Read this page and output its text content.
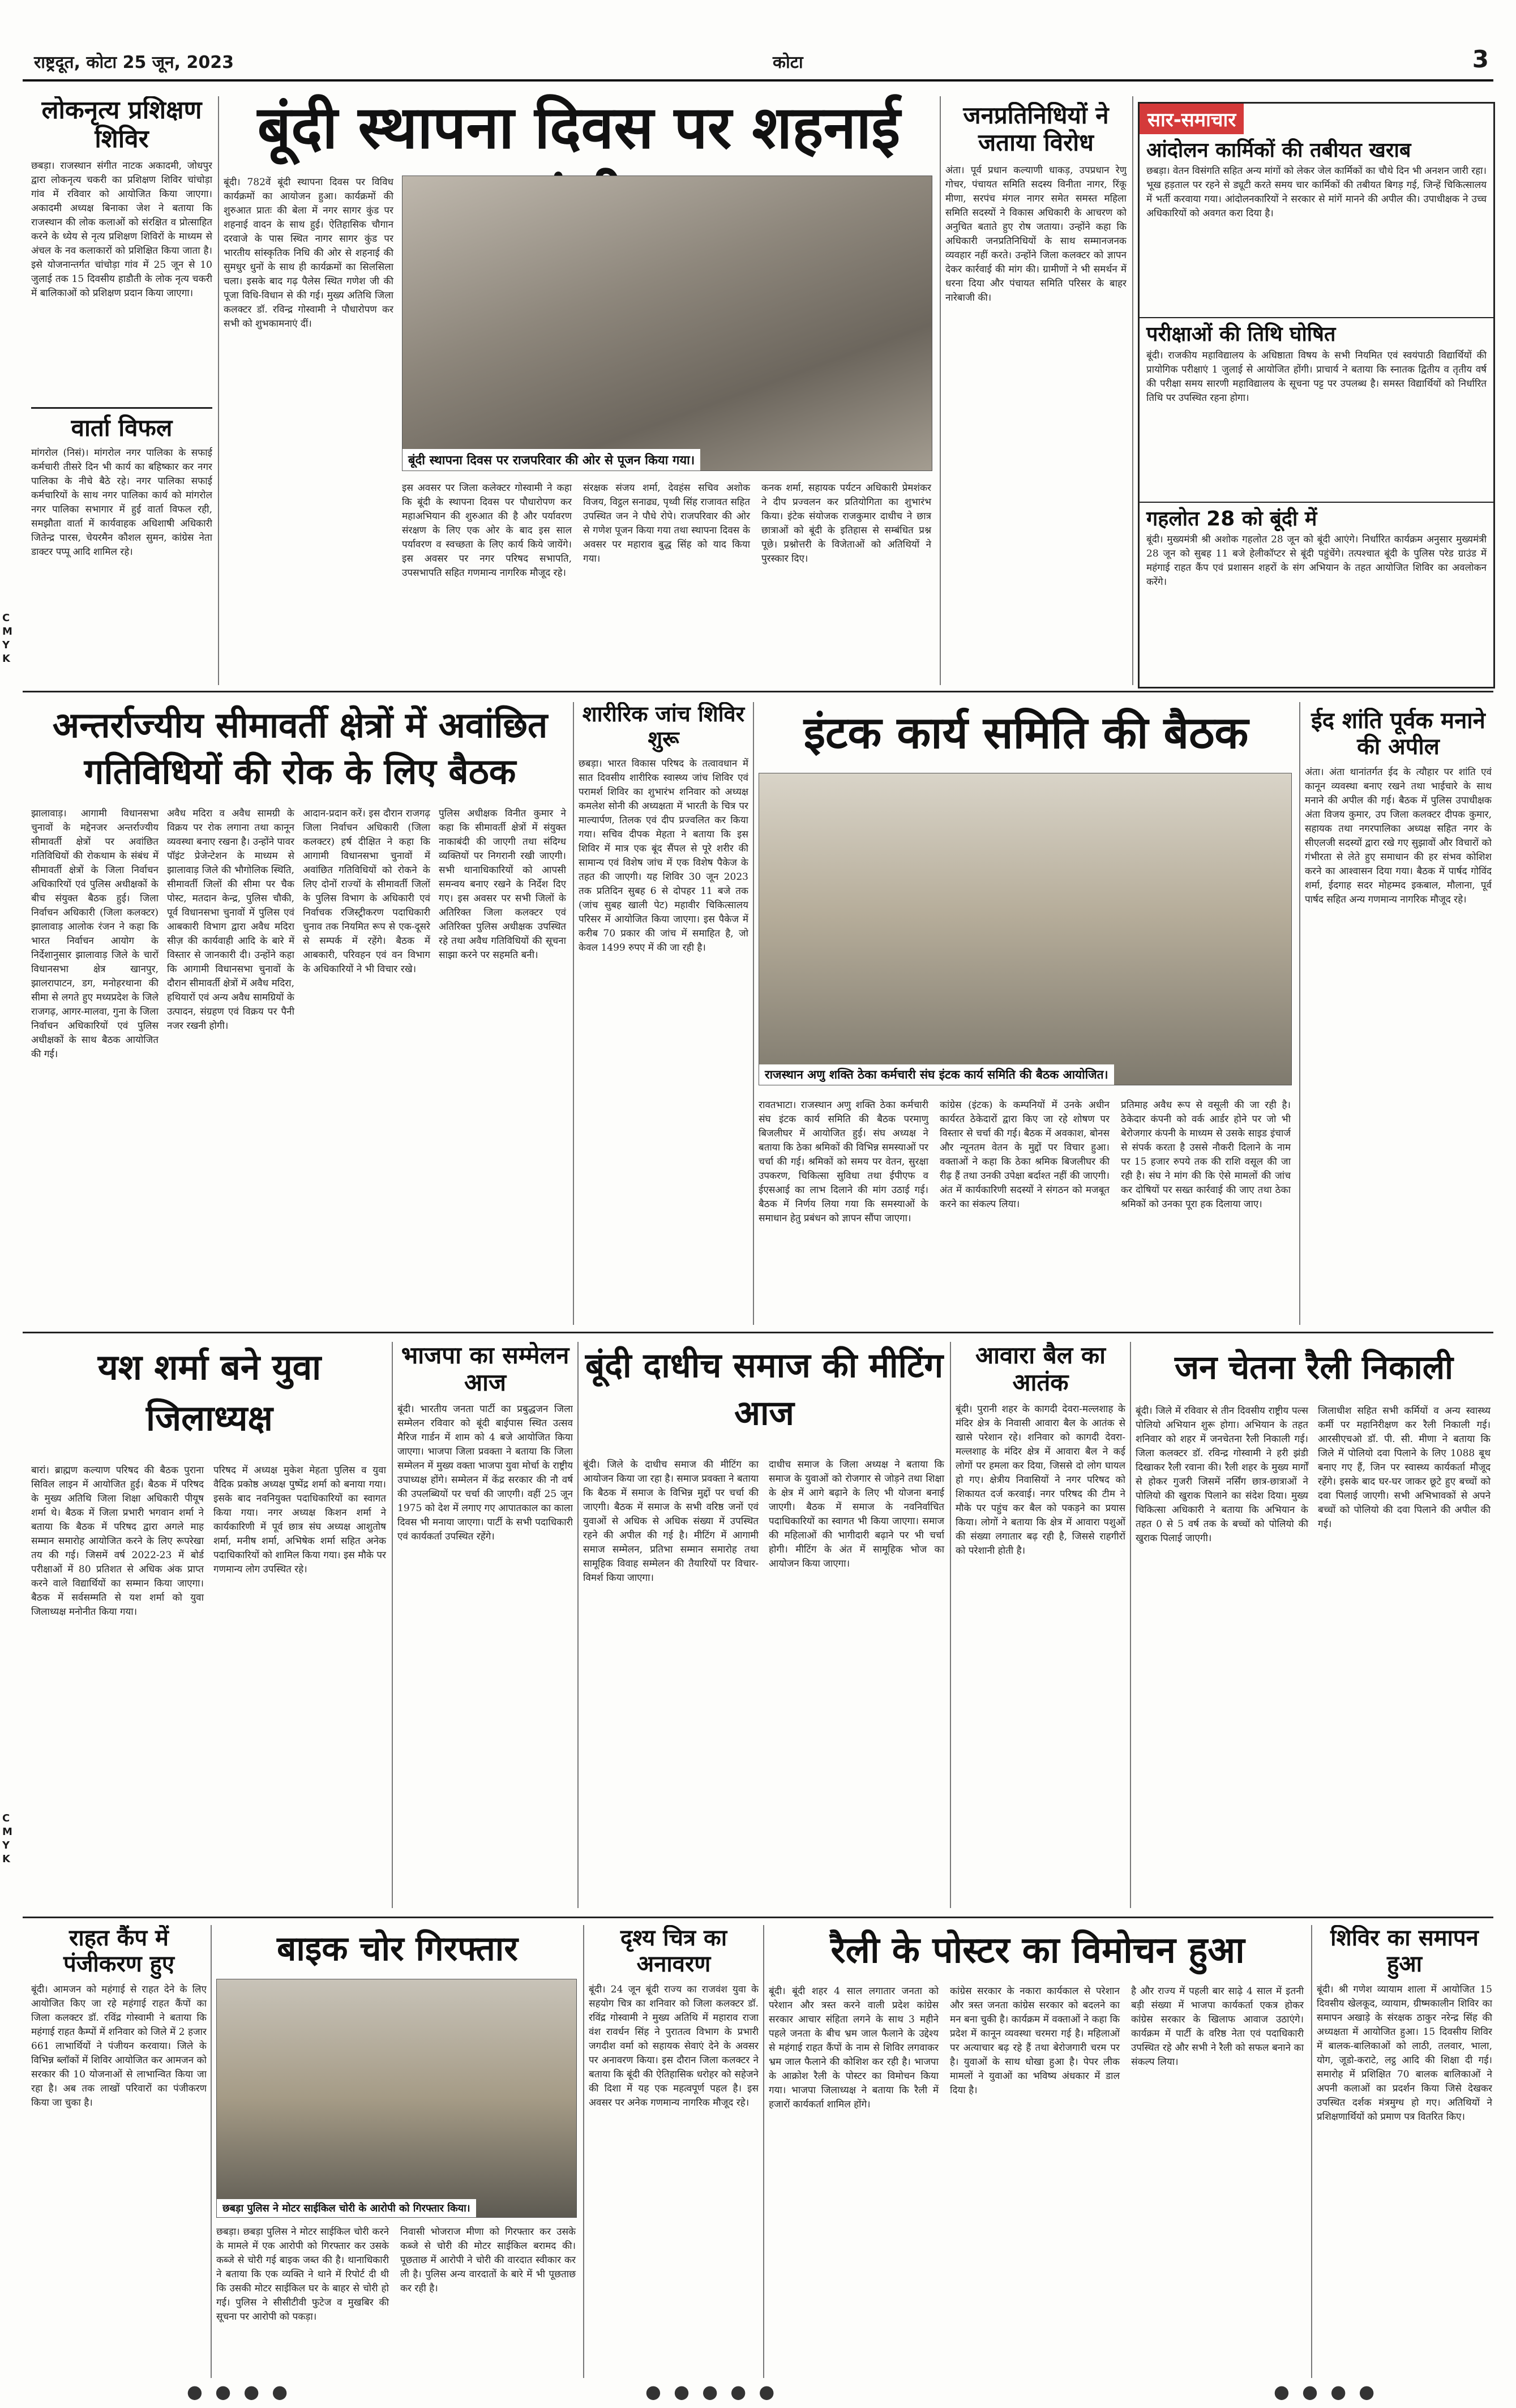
राष्ट्रदूत, कोटा 25 जून, 2023	कोटा	3
C
M
Y
K
C
M
Y
K
लोकनृत्य प्रशिक्षण शिविर
छबड़ा। राजस्थान संगीत नाटक अकादमी, जोधपुर द्वारा लोकनृत्य चकरी का प्रशिक्षण शिविर चांचोड़ा गांव में रविवार को आयोजित किया जाएगा। अकादमी अध्यक्ष बिनाका जेश ने बताया कि राजस्थान की लोक कलाओं को संरक्षित व प्रोत्साहित करने के ध्येय से नृत्य प्रशिक्षण शिविरों के माध्यम से अंचल के नव कलाकारों को प्रशिक्षित किया जाता है। इसे योजनान्तर्गत चांचोड़ा गांव में 25 जून से 10 जुलाई तक 15 दिवसीय हाडौती के लोक नृत्य चकरी में बालिकाओं को प्रशिक्षण प्रदान किया जाएगा।
वार्ता विफल
मांगरोल (निसं)। मांगरोल नगर पालिका के सफाई कर्मचारी तीसरे दिन भी कार्य का बहिष्कार कर नगर पालिका के नीचे बैठे रहे। नगर पालिका सफाई कर्मचारियों के साथ नगर पालिका कार्य को मांगरोल नगर पालिका सभागार में हुई वार्ता विफल रही, समझौता वार्ता में कार्यवाहक अधिशाषी अधिकारी जितेन्द्र पारस, चेयरमैन कौशल सुमन, कांग्रेस नेता डाक्टर पप्पू आदि शामिल रहे।
बूंदी स्थापना दिवस पर शहनाई
बूंदी। 782वें बूंदी स्थापना दिवस पर विविध कार्यक्रमों का आयोजन हुआ। कार्यक्रमों की शुरुआत प्रातः की बेला में नगर सागर कुंड पर शहनाई वादन के साथ हुई। ऐतिहासिक चौगान दरवाजे के पास स्थित नागर सागर कुंड पर भारतीय सांस्कृतिक निधि की ओर से शहनाई की सुमधुर धुनों के साथ ही कार्यक्रमों का सिलसिला चला। इसके बाद गढ़ पैलेस स्थित गणेश जी की पूजा विधि-विधान से की गई। मुख्य अतिथि जिला कलक्टर डॉ. रविन्द्र गोस्वामी ने पौधारोपण कर सभी को शुभकामनाएं दीं।
बूंदी स्थापना दिवस पर राजपरिवार की ओर से पूजन किया गया।
इस अवसर पर जिला कलेक्टर गोस्वामी ने कहा कि बूंदी के स्थापना दिवस पर पौधारोपण कर महाअभियान की शुरुआत की है और पर्यावरण संरक्षण के लिए एक ओर के बाद इस साल पर्यावरण व स्वच्छता के लिए कार्य किये जायेंगे। इस अवसर पर नगर परिषद सभापति, उपसभापति सहित गणमान्य नागरिक मौजूद रहे।
संरक्षक संजय शर्मा, देवहंस सचिव अशोक विजय, विट्ठल सनाढ्य, पृथ्वी सिंह राजावत सहित उपस्थित जन ने पौधे रोपे। राजपरिवार की ओर से गणेश पूजन किया गया तथा स्थापना दिवस के अवसर पर महाराव बुद्ध सिंह को याद किया गया।
कनक शर्मा, सहायक पर्यटन अधिकारी प्रेमशंकर ने दीप प्रज्वलन कर प्रतियोगिता का शुभारंभ किया। इंटेक संयोजक राजकुमार दाधीच ने छात्र छात्राओं को बूंदी के इतिहास से सम्बंधित प्रश्न पूछे। प्रश्नोत्तरी के विजेताओं को अतिथियों ने पुरस्कार दिए।
जनप्रतिनिधियों ने जताया विरोध
अंता। पूर्व प्रधान कल्याणी धाकड़, उपप्रधान रेणु गोचर, पंचायत समिति सदस्य विनीता नागर, रिंकू मीणा, सरपंच मंगल नागर समेत समस्त महिला समिति सदस्यों ने विकास अधिकारी के आचरण को अनुचित बताते हुए रोष जताया। उन्होंने कहा कि अधिकारी जनप्रतिनिधियों के साथ सम्मानजनक व्यवहार नहीं करते। उन्होंने जिला कलक्टर को ज्ञापन देकर कार्रवाई की मांग की। ग्रामीणों ने भी समर्थन में धरना दिया और पंचायत समिति परिसर के बाहर नारेबाजी की।
सार-समाचार
आंदोलन कार्मिकों की तबीयत खराब
छबड़ा। वेतन विसंगति सहित अन्य मांगों को लेकर जेल कार्मिकों का चौथे दिन भी अनशन जारी रहा। भूख हड़ताल पर रहने से ड्यूटी करते समय चार कार्मिकों की तबीयत बिगड़ गई, जिन्हें चिकित्सालय में भर्ती करवाया गया। आंदोलनकारियों ने सरकार से मांगें मानने की अपील की। उपाधीक्षक ने उच्च अधिकारियों को अवगत करा दिया है।
परीक्षाओं की तिथि घोषित
बूंदी। राजकीय महाविद्यालय के अधिष्ठाता विषय के सभी नियमित एवं स्वयंपाठी विद्यार्थियों की प्रायोगिक परीक्षाएं 1 जुलाई से आयोजित होंगी। प्राचार्य ने बताया कि स्नातक द्वितीय व तृतीय वर्ष की परीक्षा समय सारणी महाविद्यालय के सूचना पट्ट पर उपलब्ध है। समस्त विद्यार्थियों को निर्धारित तिथि पर उपस्थित रहना होगा।
गहलोत 28 को बूंदी में
बूंदी। मुख्यमंत्री श्री अशोक गहलोत 28 जून को बूंदी आएंगे। निर्धारित कार्यक्रम अनुसार मुख्यमंत्री 28 जून को सुबह 11 बजे हेलीकॉप्टर से बूंदी पहुंचेंगे। तत्पश्चात बूंदी के पुलिस परेड ग्राउंड में महंगाई राहत कैंप एवं प्रशासन शहरों के संग अभियान के तहत आयोजित शिविर का अवलोकन करेंगे।
अन्तर्राज्यीय सीमावर्ती क्षेत्रों में अवांछित गतिविधियों की रोक के लिए बैठक
झालावाड़। आगामी विधानसभा चुनावों के मद्देनजर अन्तर्राज्यीय सीमावर्ती क्षेत्रों पर अवांछित गतिविधियों की रोकथाम के संबंध में सीमावर्ती क्षेत्रों के जिला निर्वाचन अधिकारियों एवं पुलिस अधीक्षकों के बीच संयुक्त बैठक हुई। जिला निर्वाचन अधिकारी (जिला कलक्टर) झालावाड़ आलोक रंजन ने कहा कि भारत निर्वाचन आयोग के निर्देशानुसार झालावाड़ जिले के चारों विधानसभा क्षेत्र खानपुर, झालरापाटन, डग, मनोहरथाना की सीमा से लगते हुए मध्यप्रदेश के जिले राजगढ़, आगर-मालवा, गुना के जिला निर्वाचन अधिकारियों एवं पुलिस अधीक्षकों के साथ बैठक आयोजित की गई।
अवैध मदिरा व अवैध सामग्री के विक्रय पर रोक लगाना तथा कानून व्यवस्था बनाए रखना है। उन्होंने पावर पॉइंट प्रेजेन्टेशन के माध्यम से झालावाड़ जिले की भौगोलिक स्थिति, सीमावर्ती जिलों की सीमा पर चैक पोस्ट, मतदान केन्द्र, पुलिस चौकी, पूर्व विधानसभा चुनावों में पुलिस एवं आबकारी विभाग द्वारा अवैध मदिरा सीज़ की कार्यवाही आदि के बारे में विस्तार से जानकारी दी। उन्होंने कहा कि आगामी विधानसभा चुनावों के दौरान सीमावर्ती क्षेत्रों में अवैध मदिरा, हथियारों एवं अन्य अवैध सामग्रियों के उत्पादन, संग्रहण एवं विक्रय पर पैनी नजर रखनी होगी।
आदान-प्रदान करें। इस दौरान राजगढ़ जिला निर्वाचन अधिकारी (जिला कलक्टर) हर्ष दीक्षित ने कहा कि आगामी विधानसभा चुनावों में अवांछित गतिविधियों को रोकने के लिए दोनों राज्यों के सीमावर्ती जिलों के पुलिस विभाग के अधिकारी एवं निर्वाचक रजिस्ट्रीकरण पदाधिकारी चुनाव तक नियमित रूप से एक-दूसरे से सम्पर्क में रहेंगे। बैठक में आबकारी, परिवहन एवं वन विभाग के अधिकारियों ने भी विचार रखे।
पुलिस अधीक्षक विनीत कुमार ने कहा कि सीमावर्ती क्षेत्रों में संयुक्त नाकाबंदी की जाएगी तथा संदिग्ध व्यक्तियों पर निगरानी रखी जाएगी। सभी थानाधिकारियों को आपसी समन्वय बनाए रखने के निर्देश दिए गए। इस अवसर पर सभी जिलों के अतिरिक्त जिला कलक्टर एवं अतिरिक्त पुलिस अधीक्षक उपस्थित रहे तथा अवैध गतिविधियों की सूचना साझा करने पर सहमति बनी।
शारीरिक जांच शिविर शुरू
छबड़ा। भारत विकास परिषद के तत्वावधान में सात दिवसीय शारीरिक स्वास्थ्य जांच शिविर एवं परामर्श शिविर का शुभारंभ शनिवार को अध्यक्ष कमलेश सोनी की अध्यक्षता में भारती के चित्र पर माल्यार्पण, तिलक एवं दीप प्रज्वलित कर किया गया। सचिव दीपक मेहता ने बताया कि इस शिविर में मात्र एक बूंद सैंपल से पूरे शरीर की सामान्य एवं विशेष जांच में एक विशेष पैकेज के तहत की जाएगी। यह शिविर 30 जून 2023 तक प्रतिदिन सुबह 6 से दोपहर 11 बजे तक (जांच सुबह खाली पेट) महावीर चिकित्सालय परिसर में आयोजित किया जाएगा। इस पैकेज में करीब 70 प्रकार की जांच में समाहित है, जो केवल 1499 रुपए में की जा रही है।
इंटक कार्य समिति की बैठक
राजस्थान अणु शक्ति ठेका कर्मचारी संघ इंटक कार्य समिति की बैठक आयोजित।
रावतभाटा। राजस्थान अणु शक्ति ठेका कर्मचारी संघ इंटक कार्य समिति की बैठक परमाणु बिजलीघर में आयोजित हुई। संघ अध्यक्ष ने बताया कि ठेका श्रमिकों की विभिन्न समस्याओं पर चर्चा की गई। श्रमिकों को समय पर वेतन, सुरक्षा उपकरण, चिकित्सा सुविधा तथा ईपीएफ व ईएसआई का लाभ दिलाने की मांग उठाई गई। बैठक में निर्णय लिया गया कि समस्याओं के समाधान हेतु प्रबंधन को ज्ञापन सौंपा जाएगा।
कांग्रेस (इंटक) के कम्पनियों में उनके अधीन कार्यरत ठेकेदारों द्वारा किए जा रहे शोषण पर विस्तार से चर्चा की गई। बैठक में अवकाश, बोनस और न्यूनतम वेतन के मुद्दों पर विचार हुआ। वक्ताओं ने कहा कि ठेका श्रमिक बिजलीघर की रीढ़ हैं तथा उनकी उपेक्षा बर्दाश्त नहीं की जाएगी। अंत में कार्यकारिणी सदस्यों ने संगठन को मजबूत करने का संकल्प लिया।
प्रतिमाह अवैध रूप से वसूली की जा रही है। ठेकेदार कंपनी को वर्क आर्डर होने पर जो भी बेरोजगार कंपनी के माध्यम से उसके साइड इंचार्ज से संपर्क करता है उससे नौकरी दिलाने के नाम पर 15 हजार रुपये तक की राशि वसूल की जा रही है। संघ ने मांग की कि ऐसे मामलों की जांच कर दोषियों पर सख्त कार्रवाई की जाए तथा ठेका श्रमिकों को उनका पूरा हक दिलाया जाए।
ईद शांति पूर्वक मनाने की अपील
अंता। अंता थानांतर्गत ईद के त्यौहार पर शांति एवं कानून व्यवस्था बनाए रखने तथा भाईचारे के साथ मनाने की अपील की गई। बैठक में पुलिस उपाधीक्षक अंता विजय कुमार, उप जिला कलक्टर दीपक कुमार, सहायक तथा नगरपालिका अध्यक्ष सहित नगर के सीएलजी सदस्यों द्वारा रखे गए सुझावों और विचारों को गंभीरता से लेते हुए समाधान की हर संभव कोशिश करने का आश्वासन दिया गया। बैठक में पार्षद गोविंद शर्मा, ईदगाह सदर मोहम्मद इकबाल, मौलाना, पूर्व पार्षद सहित अन्य गणमान्य नागरिक मौजूद रहे।
यश शर्मा बने युवा जिलाध्यक्ष
बारां। ब्राह्मण कल्याण परिषद की बैठक पुराना सिविल लाइन में आयोजित हुई। बैठक में परिषद के मुख्य अतिथि जिला शिक्षा अधिकारी पीयूष शर्मा थे। बैठक में जिला प्रभारी भगवान शर्मा ने बताया कि बैठक में परिषद द्वारा अगले माह सम्मान समारोह आयोजित करने के लिए रूपरेखा तय की गई। जिसमें वर्ष 2022-23 में बोर्ड परीक्षाओं में 80 प्रतिशत से अधिक अंक प्राप्त करने वाले विद्यार्थियों का सम्मान किया जाएगा। बैठक में सर्वसम्मति से यश शर्मा को युवा जिलाध्यक्ष मनोनीत किया गया।
परिषद में अध्यक्ष मुकेश मेहता पुलिस व युवा वैदिक प्रकोष्ठ अध्यक्ष पुष्पेंद्र शर्मा को बनाया गया। इसके बाद नवनियुक्त पदाधिकारियों का स्वागत किया गया। नगर अध्यक्ष किशन शर्मा ने कार्यकारिणी में पूर्व छात्र संघ अध्यक्ष आशुतोष शर्मा, मनीष शर्मा, अभिषेक शर्मा सहित अनेक पदाधिकारियों को शामिल किया गया। इस मौके पर गणमान्य लोग उपस्थित रहे।
भाजपा का सम्मेलन आज
बूंदी। भारतीय जनता पार्टी का प्रबुद्धजन जिला सम्मेलन रविवार को बूंदी बाईपास स्थित उत्सव मैरिज गार्डन में शाम को 4 बजे आयोजित किया जाएगा। भाजपा जिला प्रवक्ता ने बताया कि जिला सम्मेलन में मुख्य वक्ता भाजपा युवा मोर्चा के राष्ट्रीय उपाध्यक्ष होंगे। सम्मेलन में केंद्र सरकार की नौ वर्ष की उपलब्धियों पर चर्चा की जाएगी। वहीं 25 जून 1975 को देश में लगाए गए आपातकाल का काला दिवस भी मनाया जाएगा। पार्टी के सभी पदाधिकारी एवं कार्यकर्ता उपस्थित रहेंगे।
बूंदी दाधीच समाज की मीटिंग आज
बूंदी। जिले के दाधीच समाज की मीटिंग का आयोजन किया जा रहा है। समाज प्रवक्ता ने बताया कि बैठक में समाज के विभिन्न मुद्दों पर चर्चा की जाएगी। बैठक में समाज के सभी वरिष्ठ जनों एवं युवाओं से अधिक से अधिक संख्या में उपस्थित रहने की अपील की गई है। मीटिंग में आगामी समाज सम्मेलन, प्रतिभा सम्मान समारोह तथा सामूहिक विवाह सम्मेलन की तैयारियों पर विचार-विमर्श किया जाएगा।
दाधीच समाज के जिला अध्यक्ष ने बताया कि समाज के युवाओं को रोजगार से जोड़ने तथा शिक्षा के क्षेत्र में आगे बढ़ाने के लिए भी योजना बनाई जाएगी। बैठक में समाज के नवनिर्वाचित पदाधिकारियों का स्वागत भी किया जाएगा। समाज की महिलाओं की भागीदारी बढ़ाने पर भी चर्चा होगी। मीटिंग के अंत में सामूहिक भोज का आयोजन किया जाएगा।
आवारा बैल का आतंक
बूंदी। पुरानी शहर के कागदी देवरा-मल्लशाह के मंदिर क्षेत्र के निवासी आवारा बैल के आतंक से खासे परेशान रहे। शनिवार को कागदी देवरा-मल्लशाह के मंदिर क्षेत्र में आवारा बैल ने कई लोगों पर हमला कर दिया, जिससे दो लोग घायल हो गए। क्षेत्रीय निवासियों ने नगर परिषद को शिकायत दर्ज करवाई। नगर परिषद की टीम ने मौके पर पहुंच कर बैल को पकड़ने का प्रयास किया। लोगों ने बताया कि क्षेत्र में आवारा पशुओं की संख्या लगातार बढ़ रही है, जिससे राहगीरों को परेशानी होती है।
जन चेतना रैली निकाली
बूंदी। जिले में रविवार से तीन दिवसीय राष्ट्रीय पल्स पोलियो अभियान शुरू होगा। अभियान के तहत शनिवार को शहर में जनचेतना रैली निकाली गई। जिला कलक्टर डॉ. रविन्द्र गोस्वामी ने हरी झंडी दिखाकर रैली रवाना की। रैली शहर के मुख्य मार्गों से होकर गुजरी जिसमें नर्सिंग छात्र-छात्राओं ने पोलियो की खुराक पिलाने का संदेश दिया। मुख्य चिकित्सा अधिकारी ने बताया कि अभियान के तहत 0 से 5 वर्ष तक के बच्चों को पोलियो की खुराक पिलाई जाएगी।
जिलाधीश सहित सभी कर्मियों व अन्य स्वास्थ्य कर्मी पर महानिरीक्षण कर रैली निकाली गई। आरसीएचओ डॉ. पी. सी. मीणा ने बताया कि जिले में पोलियो दवा पिलाने के लिए 1088 बूथ बनाए गए हैं, जिन पर स्वास्थ्य कार्यकर्ता मौजूद रहेंगे। इसके बाद घर-घर जाकर छूटे हुए बच्चों को दवा पिलाई जाएगी। सभी अभिभावकों से अपने बच्चों को पोलियो की दवा पिलाने की अपील की गई।
राहत कैंप में पंजीकरण हुए
बूंदी। आमजन को महंगाई से राहत देने के लिए आयोजित किए जा रहे महंगाई राहत कैंपों का जिला कलक्टर डॉ. रविंद्र गोस्वामी ने बताया कि महंगाई राहत कैम्पों में शनिवार को जिले में 2 हजार 661 लाभार्थियों ने पंजीयन करवाया। जिले के विभिन्न ब्लॉकों में शिविर आयोजित कर आमजन को सरकार की 10 योजनाओं से लाभान्वित किया जा रहा है। अब तक लाखों परिवारों का पंजीकरण किया जा चुका है।
बाइक चोर गिरफ्तार
छबड़ा पुलिस ने मोटर साईकिल चोरी के आरोपी को गिरफ्तार किया।
छबड़ा। छबड़ा पुलिस ने मोटर साईकिल चोरी करने के मामले में एक आरोपी को गिरफ्तार कर उसके कब्जे से चोरी गई बाइक जब्त की है। थानाधिकारी ने बताया कि एक व्यक्ति ने थाने में रिपोर्ट दी थी कि उसकी मोटर साईकिल घर के बाहर से चोरी हो गई। पुलिस ने सीसीटीवी फुटेज व मुखबिर की सूचना पर आरोपी को पकड़ा।
निवासी भोजराज मीणा को गिरफ्तार कर उसके कब्जे से चोरी की मोटर साईकिल बरामद की। पूछताछ में आरोपी ने चोरी की वारदात स्वीकार कर ली है। पुलिस अन्य वारदातों के बारे में भी पूछताछ कर रही है।
दृश्य चित्र का अनावरण
बूंदी। 24 जून बूंदी राज्य का राजवंश युवा के सहयोग चित्र का शनिवार को जिला कलक्टर डॉ. रविंद्र गोस्वामी ने मुख्य अतिथि में महाराव राजा वंश रावर्धन सिंह ने पुरातत्व विभाग के प्रभारी जगदीश वर्मा को सहायक सेवाएं देने के अवसर पर अनावरण किया। इस दौरान जिला कलक्टर ने बताया कि बूंदी की ऐतिहासिक धरोहर को सहेजने की दिशा में यह एक महत्वपूर्ण पहल है। इस अवसर पर अनेक गणमान्य नागरिक मौजूद रहे।
रैली के पोस्टर का विमोचन हुआ
बूंदी। बूंदी शहर 4 साल लगातार जनता को परेशान और त्रस्त करने वाली प्रदेश कांग्रेस सरकार आचार संहिता लगने के साथ 3 महीने पहले जनता के बीच भ्रम जाल फैलाने के उद्देश्य से महंगाई राहत कैंपों के नाम से शिविर लगवाकर भ्रम जाल फैलाने की कोशिश कर रही है। भाजपा के आक्रोश रैली के पोस्टर का विमोचन किया गया। भाजपा जिलाध्यक्ष ने बताया कि रैली में हजारों कार्यकर्ता शामिल होंगे।
कांग्रेस सरकार के नकारा कार्यकाल से परेशान और त्रस्त जनता कांग्रेस सरकार को बदलने का मन बना चुकी है। कार्यक्रम में वक्ताओं ने कहा कि प्रदेश में कानून व्यवस्था चरमरा गई है। महिलाओं पर अत्याचार बढ़ रहे हैं तथा बेरोजगारी चरम पर है। युवाओं के साथ धोखा हुआ है। पेपर लीक मामलों ने युवाओं का भविष्य अंधकार में डाल दिया है।
है और राज्य में पहली बार साढ़े 4 साल में इतनी बड़ी संख्या में भाजपा कार्यकर्ता एकत्र होकर कांग्रेस सरकार के खिलाफ आवाज उठाएंगे। कार्यक्रम में पार्टी के वरिष्ठ नेता एवं पदाधिकारी उपस्थित रहे और सभी ने रैली को सफल बनाने का संकल्प लिया।
शिविर का समापन हुआ
बूंदी। श्री गणेश व्यायाम शाला में आयोजित 15 दिवसीय खेलकूद, व्यायाम, ग्रीष्मकालीन शिविर का समापन अखाड़े के संरक्षक ठाकुर नरेन्द्र सिंह की अध्यक्षता में आयोजित हुआ। 15 दिवसीय शिविर में बालक-बालिकाओं को लाठी, तलवार, भाला, योग, जूडो-कराटे, लट्ठ आदि की शिक्षा दी गई। समारोह में प्रशिक्षित 70 बालक बालिकाओं ने अपनी कलाओं का प्रदर्शन किया जिसे देखकर उपस्थित दर्शक मंत्रमुग्ध हो गए। अतिथियों ने प्रशिक्षणार्थियों को प्रमाण पत्र वितरित किए।
● ● ● ●	● ● ● ● ●	● ● ● ●
